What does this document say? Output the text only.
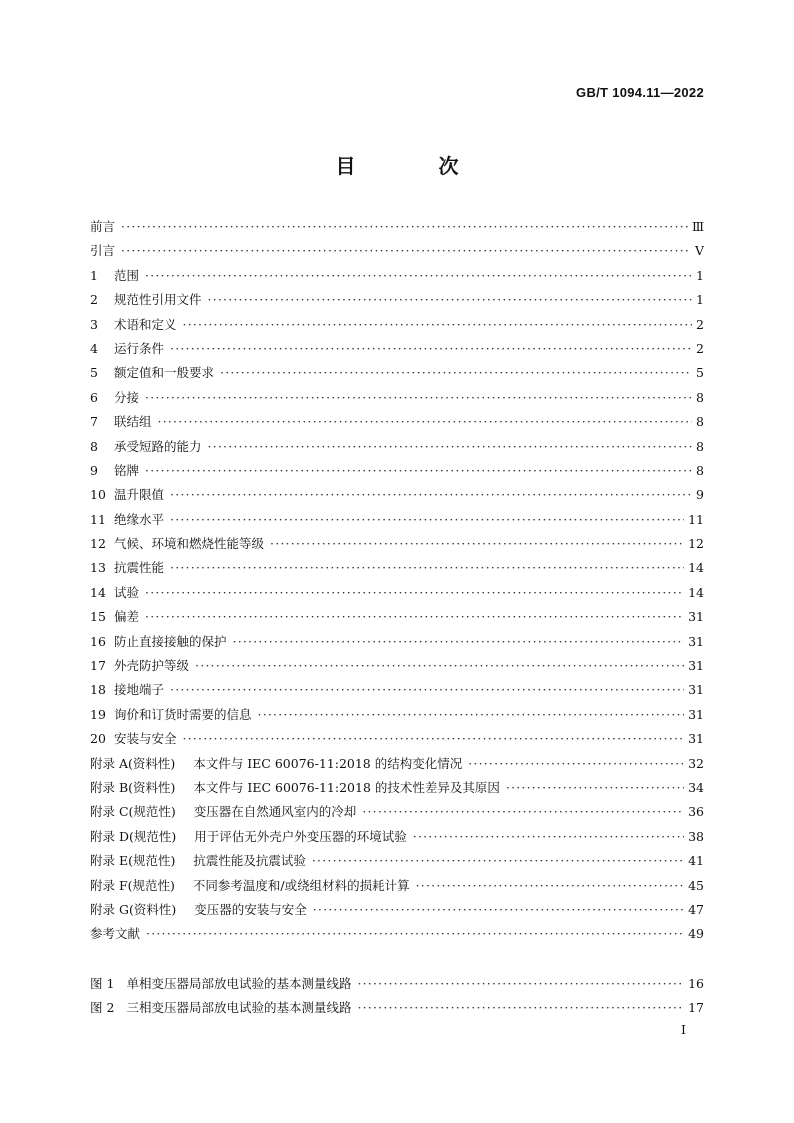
GB/T 1094.11—2022
目 次
前言 ·····	Ⅲ
引言 ·····	Ⅴ
1	范围 ·····	1
2	规范性引用文件 ·····	1
3	术语和定义 ·····	2
4	运行条件 ·····	2
5	额定值和一般要求 ·····	5
6	分接 ·····	8
7	联结组 ·····	8
8	承受短路的能力 ·····	8
9	铭牌 ·····	8
10 温升限值 ·····	9
11 绝缘水平 ·····	11
12 气候、环境和燃烧性能等级 ·····	12
13 抗震性能 ·····	14
14 试验 ·····	14
15 偏差 ·····	31
16 防止直接接触的保护 ·····	31
17 外壳防护等级 ·····	31
18 接地端子 ·····	31
19 询价和订货时需要的信息 ·····	31
20 安装与安全 ·····	31
附录 A(资料性) 本文件与 IEC 60076-11:2018 的结构变化情况 ·····	32
附录 B(资料性) 本文件与 IEC 60076-11:2018 的技术性差异及其原因 ·····	34
附录 C(规范性) 变压器在自然通风室内的冷却 ·····	36
附录 D(规范性) 用于评估无外壳户外变压器的环境试验 ·····	38
附录 E(规范性) 抗震性能及抗震试验 ·····	41
附录 F(规范性) 不同参考温度和/或绕组材料的损耗计算 ·····	45
附录 G(资料性) 变压器的安装与安全 ·····	47
参考文献 ·····	49
图 1 单相变压器局部放电试验的基本测量线路 ·····	16
图 2 三相变压器局部放电试验的基本测量线路 ·····	17
I
